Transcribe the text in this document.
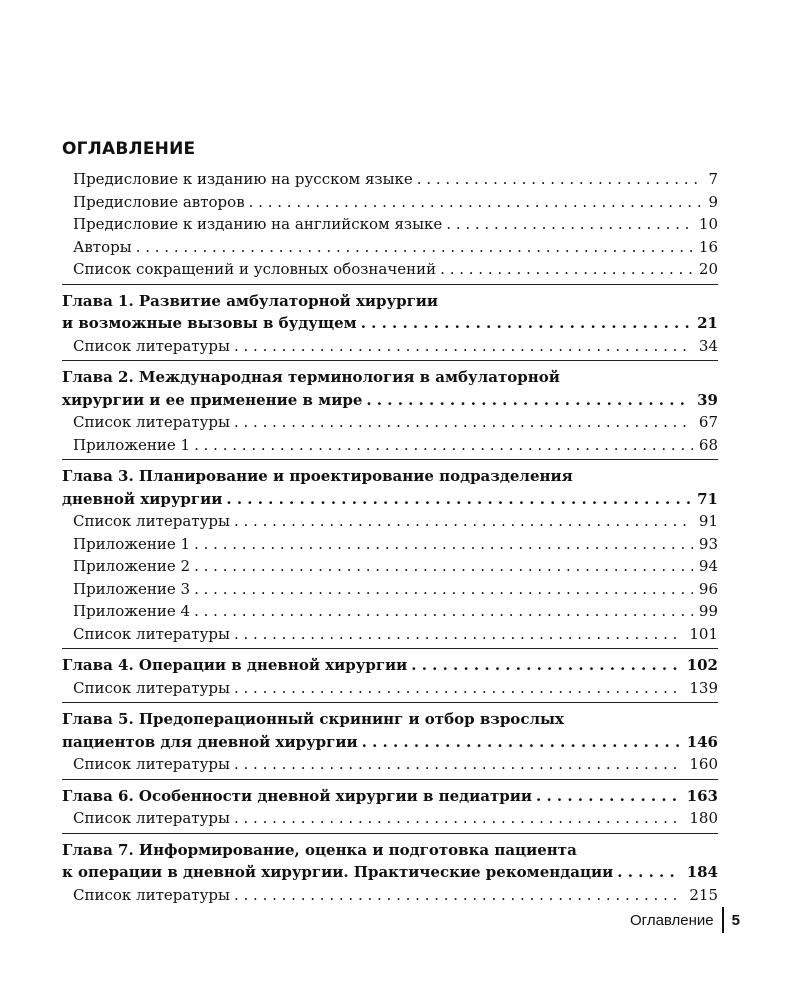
ОГЛАВЛЕНИЕ
Предисловие к изданию на русском языке . . .	7
Предисловие авторов . . .	9
Предисловие к изданию на английском языке . . .	10
Авторы . . .	16
Список сокращений и условных обозначений . . .	20
Глава 1. Развитие амбулаторной хирургии
и возможные вызовы в будущем . . .	21
Список литературы . . .	34
Глава 2. Международная терминология в амбулаторной
хирургии и ее применение в мире . . .	39
Список литературы . . .	67
Приложение 1 . . .	68
Глава 3. Планирование и проектирование подразделения
дневной хирургии . . .	71
Список литературы . . .	91
Приложение 1 . . .	93
Приложение 2 . . .	94
Приложение 3 . . .	96
Приложение 4 . . .	99
Список литературы . . .	101
Глава 4. Операции в дневной хирургии . . .	102
Список литературы . . .	139
Глава 5. Предоперационный скрининг и отбор взрослых
пациентов для дневной хирургии . . .	146
Список литературы . . .	160
Глава 6. Особенности дневной хирургии в педиатрии . . .	163
Список литературы . . .	180
Глава 7. Информирование, оценка и подготовка пациента
к операции в дневной хирургии. Практические рекомендации . . .	184
Список литературы . . .	215
Оглавление	5
